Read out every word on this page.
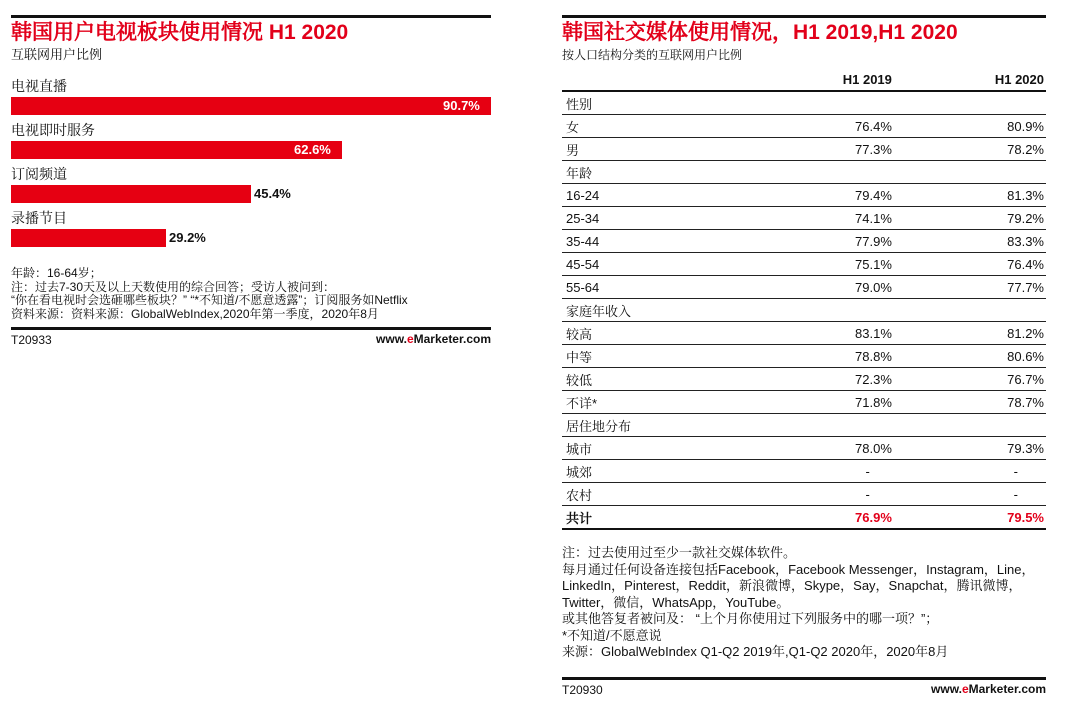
韩国用户电视板块使用情况 H1 2020
互联网用户比例
电视直播
90.7%
电视即时服务
62.6%
订阅频道
45.4%
录播节目
29.2%
年龄：16-64岁；
注：过去7-30天及以上天数使用的综合回答；受访人被问到：
“你在看电视时会选砸哪些板块？” “*不知道/不愿意透露”；订阅服务如Netflix
资料来源：资料来源：GlobalWebIndex,2020年第一季度，2020年8月
T20933	www.eMarketer.com
韩国社交媒体使用情况，H1 2019,H1 2020
按人口结构分类的互联网用户比例
	H1 2019	H1 2020
性别		
女	76.4%	80.9%
男	77.3%	78.2%
年龄		
16-24	79.4%	81.3%
25-34	74.1%	79.2%
35-44	77.9%	83.3%
45-54	75.1%	76.4%
55-64	79.0%	77.7%
家庭年收入		
较高	83.1%	81.2%
中等	78.8%	80.6%
较低	72.3%	76.7%
不详*	71.8%	78.7%
居住地分布		
城市	78.0%	79.3%
城郊	-	-
农村	-	-
共计	76.9%	79.5%
注：过去使用过至少一款社交媒体软件。
每月通过任何设备连接包括Facebook，Facebook Messenger，Instagram，Line，
LinkedIn，Pinterest，Reddit，新浪微博，Skype，Say，Snapchat，腾讯微博，
Twitter，微信，WhatsApp，YouTube。
或其他答复者被问及： “上个月你使用过下列服务中的哪一项？”；
*不知道/不愿意说
来源：GlobalWebIndex Q1-Q2 2019年,Q1-Q2 2020年，2020年8月
T20930	www.eMarketer.com
